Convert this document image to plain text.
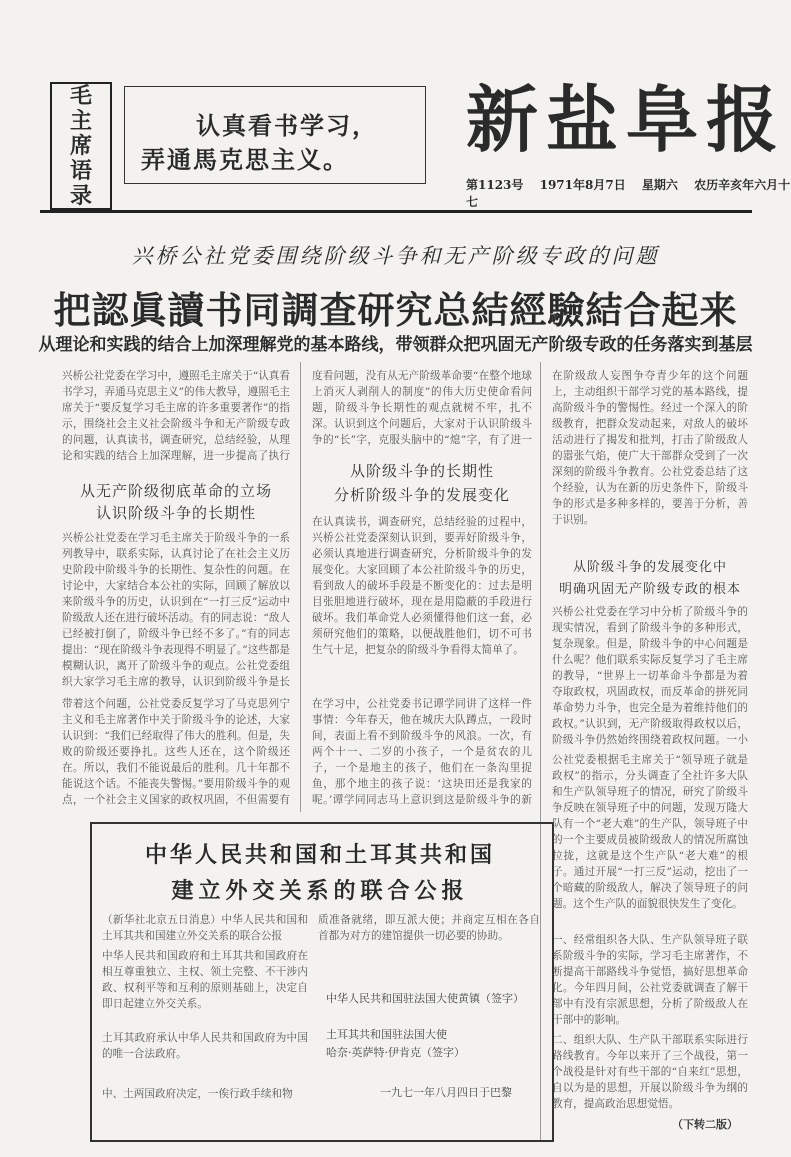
毛
主
席
语
录
认真看书学习，
弄通馬克思主义。 新盐阜报
第1123号 1971年8月7日 星期六 农历辛亥年六月十七
兴桥公社党委围绕阶级斗争和无产阶级专政的问题
把認眞讀书同調查研究总結經驗結合起来
从理论和实践的结合上加深理解党的基本路线，带领群众把巩固无产阶级专政的任务落实到基层
兴桥公社党委在学习中，遵照毛主席关于“认真看书学习，弄通马克思主义”的伟大教导，遵照毛主席关于“要反复学习毛主席的许多重要著作”的指示，围绕社会主义社会阶级斗争和无产阶级专政的问题，认真读书，调查研究，总结经验，从理论和实践的结合上加深理解，进一步提高了执行
从无产阶级彻底革命的立场
认识阶级斗争的长期性
兴桥公社党委在学习毛主席关于阶级斗争的一系列教导中，联系实际，认真讨论了在社会主义历史阶段中阶级斗争的长期性、复杂性的问题。在讨论中，大家结合本公社的实际，回顾了解放以来阶级斗争的历史，认识到在“一打三反”运动中阶级敌人还在进行破坏活动。有的同志说：“敌人已经被打倒了，阶级斗争已经不多了。”有的同志提出：“现在阶级斗争表现得不明显了。”这些都是模糊认识，离开了阶级斗争的观点。公社党委组织大家学习毛主席的教导，认识到阶级斗争是长
带着这个问题，公社党委反复学习了马克思列宁主义和毛主席著作中关于阶级斗争的论述，大家认识到：“我们已经取得了伟大的胜利。但是，失败的阶级还要挣扎。这些人还在，这个阶级还在。所以，我们不能说最后的胜利。几十年都不能说这个话。不能丧失警惕。”要用阶级斗争的观点，一个社会主义国家的政权巩固，不但需要有
度看问题，没有从无产阶级革命要“在整个地球上消灭人剥削人的制度”的伟大历史使命看问题，阶级斗争长期性的观点就树不牢，扎不深。认识到这个问题后，大家对于认识阶级斗争的“长”字，克服头脑中的“熄”字，有了进一
从阶级斗争的长期性
分析阶级斗争的发展变化
在认真读书，调查研究，总结经验的过程中，兴桥公社党委深刻认识到，要弄好阶级斗争，必须认真地进行调查研究，分析阶级斗争的发展变化。大家回顾了本公社阶级斗争的历史，看到敌人的破坏手段是不断变化的：过去是明目张胆地进行破坏，现在是用隐蔽的手段进行破坏。我们革命党人必须懂得他们这一套，必须研究他们的策略，以便战胜他们，切不可书生气十足，把复杂的阶级斗争看得太简单了。
在学习中，公社党委书记谭学同讲了这样一件事情：今年春天，他在城庆大队蹲点，一段时间，表面上看不到阶级斗争的风浪。一次，有两个十一、二岁的小孩子，一个是贫农的儿子，一个是地主的孩子，他们在一条沟里捉鱼，那个地主的孩子说：‘这块田还是我家的呢。’谭学同同志马上意识到这是阶级斗争的新
在阶级敌人妄图争夺青少年的这个问题上，主动组织干部学习党的基本路线，提高阶级斗争的警惕性。经过一个深入的阶级教育，把群众发动起来，对敌人的破坏活动进行了揭发和批判，打击了阶级敌人的嚣张气焰，使广大干部群众受到了一次深刻的阶级斗争教育。公社党委总结了这个经验，认为在新的历史条件下，阶级斗争的形式是多种多样的，要善于分析，善于识别。
从阶级斗争的发展变化中
明确巩固无产阶级专政的根本
兴桥公社党委在学习中分析了阶级斗争的现实情况，看到了阶级斗争的多种形式，复杂现象。但是，阶级斗争的中心问题是什么呢？他们联系实际反复学习了毛主席的教导，“世界上一切革命斗争都是为着夺取政权，巩固政权，而反革命的拼死同革命势力斗争，也完全是为着维持他们的政权。”认识到，无产阶级取得政权以后，阶级斗争仍然始终围绕着政权问题。一小
公社党委根据毛主席关于“领导班子就是政权”的指示，分头调查了全社许多大队和生产队领导班子的情况，研究了阶级斗争反映在领导班子中的问题，发现万隆大队有一个“老大难”的生产队，领导班子中的一个主要成员被阶级敌人的情况所腐蚀拉拢，这就是这个生产队“老大难”的根子。通过开展“一打三反”运动，挖出了一个暗藏的阶级敌人，解决了领导班子的问题。这个生产队的面貌很快发生了变化。
一、经常组织各大队、生产队领导班子联系阶级斗争的实际，学习毛主席著作，不断提高干部路线斗争觉悟，搞好思想革命化。今年四月间，公社党委就调查了解干部中有没有宗派思想，分析了阶级敌人在干部中的影响。
二、组织大队、生产队干部联系实际进行路线教育。今年以来开了三个战役，第一个战役是针对有些干部的“自来红”思想，自以为是的思想，开展以阶级斗争为纲的教育，提高政治思想觉悟。
（下转二版）
中华人民共和国和土耳其共和国
建立外交关系的联合公报
（新华社北京五日消息）中华人民共和国和土耳其共和国建立外交关系的联合公报
中华人民共和国政府和土耳其共和国政府在相互尊重独立、主权、领土完整、不干涉内政、权利平等和互利的原则基础上，决定自即日起建立外交关系。
土耳其政府承认中华人民共和国政府为中国的唯一合法政府。
中、土两国政府决定，一俟行政手续和物
质准备就绪，即互派大使；并商定互相在各自首都为对方的建馆提供一切必要的协助。
中华人民共和国驻法国大使黄镇（签字）
土耳其共和国驻法国大使
哈奈·英萨特·伊肯克（签字）
一九七一年八月四日于巴黎
